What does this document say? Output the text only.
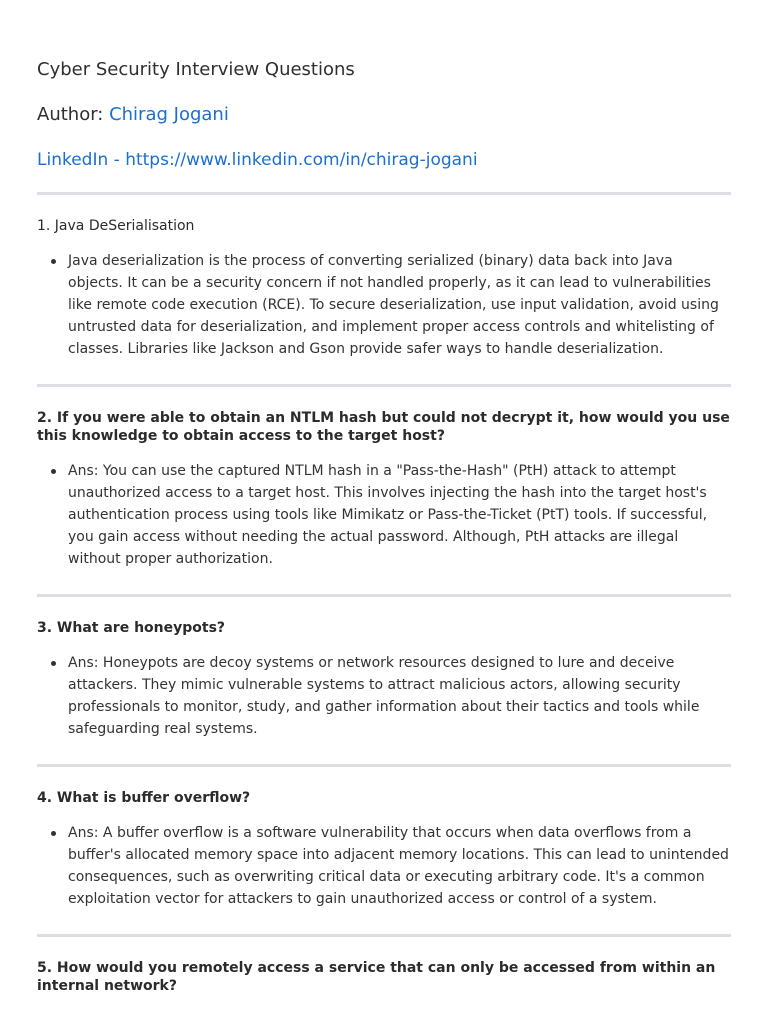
Cyber Security Interview Questions

Author: Chirag Jogani

LinkedIn - https://www.linkedin.com/in/chirag-jogani
1. Java DeSerialisation
Java deserialization is the process of converting serialized (binary) data back into Java objects. It can be a security concern if not handled properly, as it can lead to vulnerabilities like remote code execution (RCE). To secure deserialization, use input validation, avoid using untrusted data for deserialization, and implement proper access controls and whitelisting of classes. Libraries like Jackson and Gson provide safer ways to handle deserialization.
2. If you were able to obtain an NTLM hash but could not decrypt it, how would you use this knowledge to obtain access to the target host?
Ans: You can use the captured NTLM hash in a "Pass-the-Hash" (PtH) attack to attempt unauthorized access to a target host. This involves injecting the hash into the target host's authentication process using tools like Mimikatz or Pass-the-Ticket (PtT) tools. If successful, you gain access without needing the actual password. Although, PtH attacks are illegal without proper authorization.
3. What are honeypots?
Ans: Honeypots are decoy systems or network resources designed to lure and deceive attackers. They mimic vulnerable systems to attract malicious actors, allowing security professionals to monitor, study, and gather information about their tactics and tools while safeguarding real systems.
4. What is buffer overflow?
Ans: A buffer overflow is a software vulnerability that occurs when data overflows from a buffer's allocated memory space into adjacent memory locations. This can lead to unintended consequences, such as overwriting critical data or executing arbitrary code. It's a common exploitation vector for attackers to gain unauthorized access or control of a system.
5. How would you remotely access a service that can only be accessed from within an internal network?
